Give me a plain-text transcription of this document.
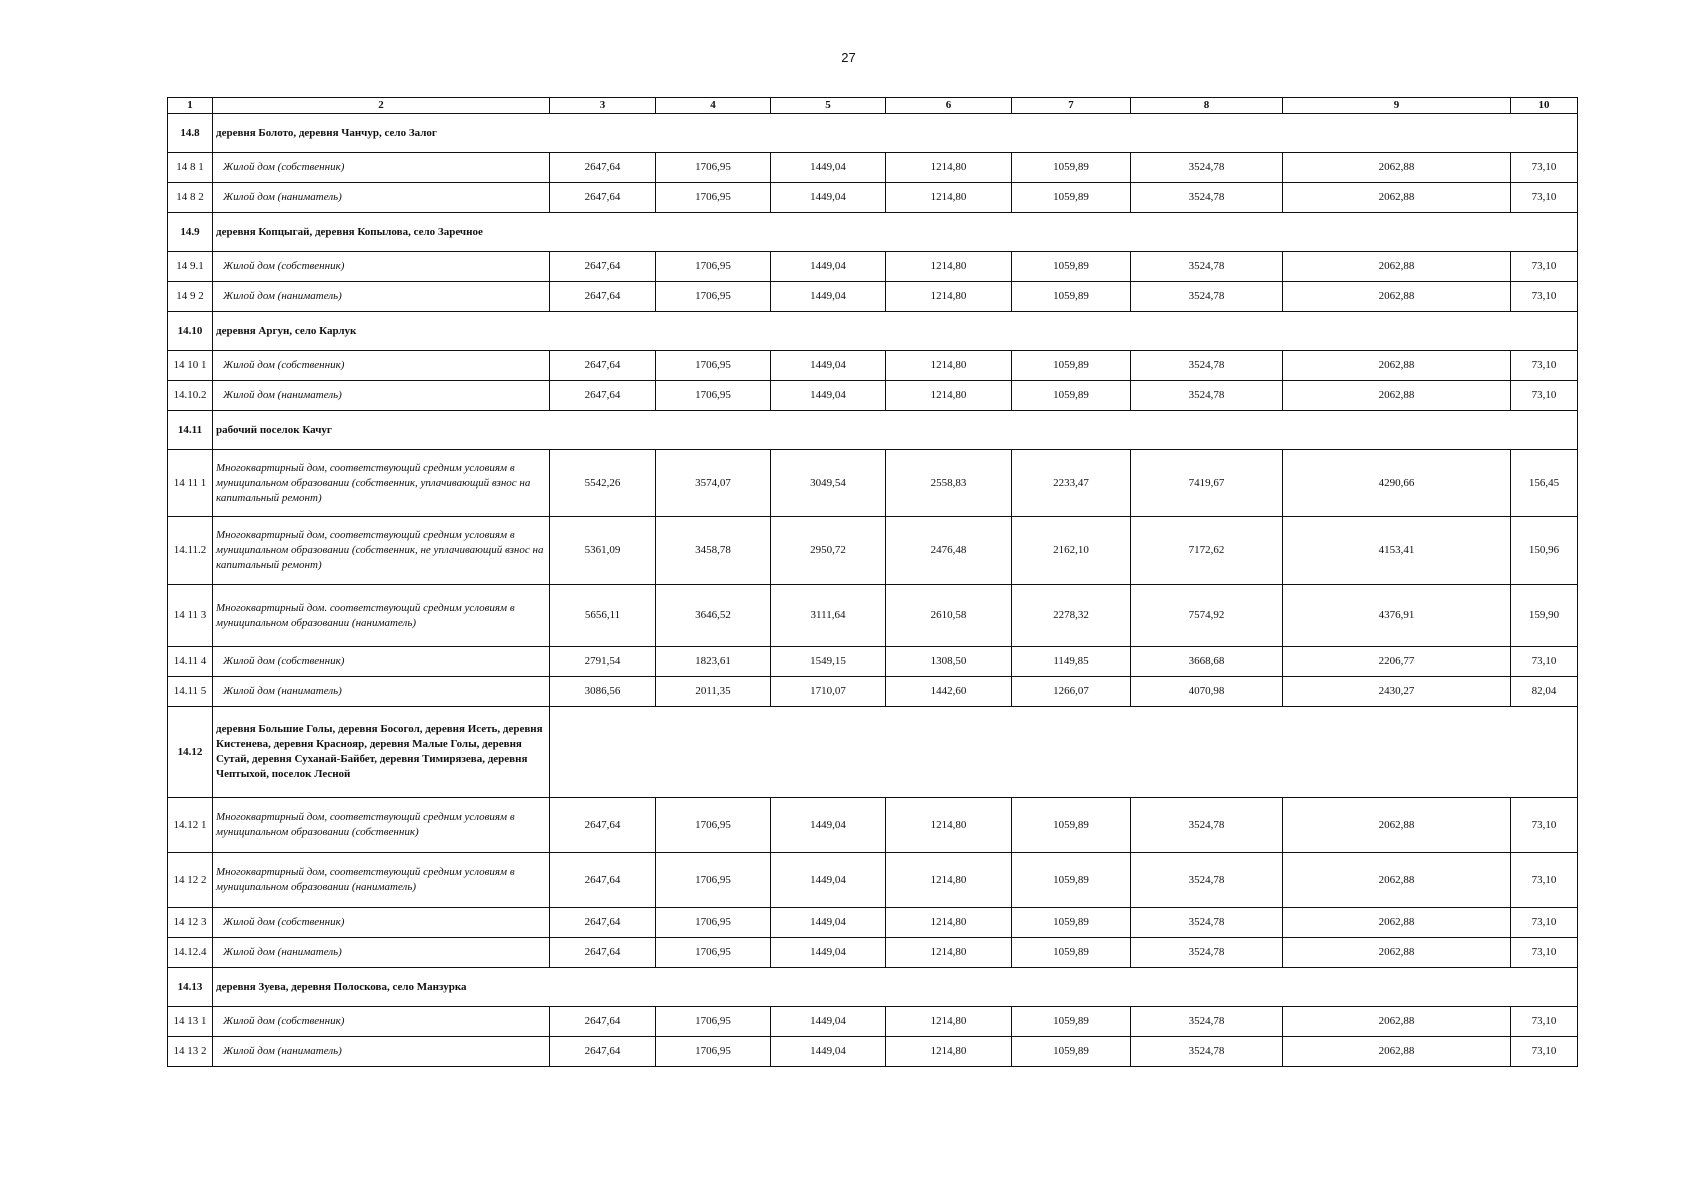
27
1	2	3	4	5	6	7	8	9	10
14.8	деревня Болото, деревня Чанчур, село Залог								
14 8 1	Жилой дом (собственник)	2647,64	1706,95	1449,04	1214,80	1059,89	3524,78	2062,88	73,10
14 8 2	Жилой дом (наниматель)	2647,64	1706,95	1449,04	1214,80	1059,89	3524,78	2062,88	73,10
14.9	деревня Копцыгай, деревня Копылова, село Заречное								
14 9.1	Жилой дом (собственник)	2647,64	1706,95	1449,04	1214,80	1059,89	3524,78	2062,88	73,10
14 9 2	Жилой дом (наниматель)	2647,64	1706,95	1449,04	1214,80	1059,89	3524,78	2062,88	73,10
14.10	деревня Аргун, село Карлук								
14 10 1	Жилой дом (собственник)	2647,64	1706,95	1449,04	1214,80	1059,89	3524,78	2062,88	73,10
14.10.2	Жилой дом (наниматель)	2647,64	1706,95	1449,04	1214,80	1059,89	3524,78	2062,88	73,10
14.11	рабочий поселок Качуг								
14 11 1	Многоквартирный дом, соответствующий средним условиям в муниципальном образовании (собственник, уплачивающий взнос на капитальный ремонт)	5542,26	3574,07	3049,54	2558,83	2233,47	7419,67	4290,66	156,45
14.11.2	Многоквартирный дом, соответствующий средним условиям в муниципальном образовании (собственник, не уплачивающий взнос на капитальный ремонт)	5361,09	3458,78	2950,72	2476,48	2162,10	7172,62	4153,41	150,96
14 11 3	Многоквартирный дом. соответствующий средним условиям в муниципальном образовании (наниматель)	5656,11	3646,52	3111,64	2610,58	2278,32	7574,92	4376,91	159,90
14.11 4	Жилой дом (собственник)	2791,54	1823,61	1549,15	1308,50	1149,85	3668,68	2206,77	73,10
14.11 5	Жилой дом (наниматель)	3086,56	2011,35	1710,07	1442,60	1266,07	4070,98	2430,27	82,04
14.12	деревня Большие Голы, деревня Босогол, деревня Исеть, деревня Кистенева, деревня Краснояр, деревня Малые Голы, деревня Сутай, деревня Суханай-Байбет, деревня Тимирязева, деревня Чептыхой, поселок Лесной								
14.12 1	Многоквартирный дом, соответствующий средним условиям в муниципальном образовании (собственник)	2647,64	1706,95	1449,04	1214,80	1059,89	3524,78	2062,88	73,10
14 12 2	Многоквартирный дом, соответствующий средним условиям в муниципальном образовании (наниматель)	2647,64	1706,95	1449,04	1214,80	1059,89	3524,78	2062,88	73,10
14 12 3	Жилой дом (собственник)	2647,64	1706,95	1449,04	1214,80	1059,89	3524,78	2062,88	73,10
14.12.4	Жилой дом (наниматель)	2647,64	1706,95	1449,04	1214,80	1059,89	3524,78	2062,88	73,10
14.13	деревня Зуева, деревня Полоскова, село Манзурка								
14 13 1	Жилой дом (собственник)	2647,64	1706,95	1449,04	1214,80	1059,89	3524,78	2062,88	73,10
14 13 2	Жилой дом (наниматель)	2647,64	1706,95	1449,04	1214,80	1059,89	3524,78	2062,88	73,10
